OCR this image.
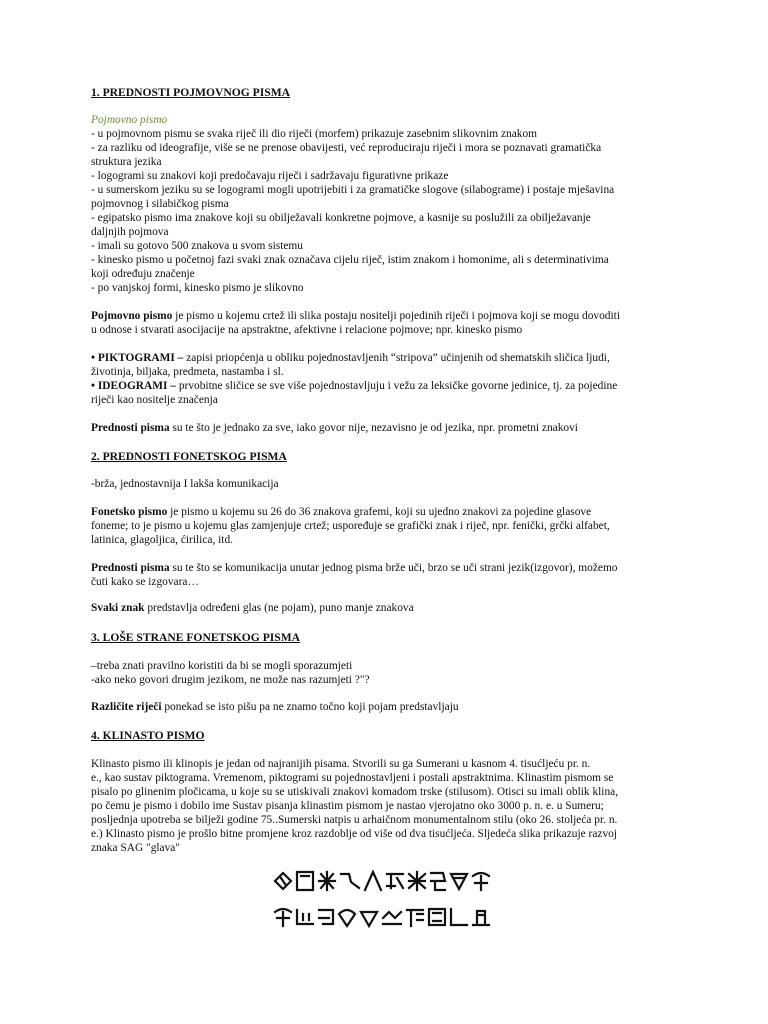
1. PREDNOSTI POJMOVNOG PISMA
Pojmovno pismo
- u pojmovnom pismu se svaka riječ ili dio riječi (morfem) prikazuje zasebnim slikovnim znakom
- za razliku od ideografije, više se ne prenose obavijesti, već reproduciraju riječi i mora se poznavati gramatička
struktura jezika
- logogrami su znakovi koji predočavaju riječi i sadržavaju figurativne prikaze
- u sumerskom jeziku su se logogrami mogli upotrijebiti i za gramatičke slogove (silabograme) i postaje mješavina
pojmovnog i silabičkog pisma
- egipatsko pismo ima znakove koji su obilježavali konkretne pojmove, a kasnije su poslužili za obilježavanje
daljnjih pojmova
- imali su gotovo 500 znakova u svom sistemu
- kinesko pismo u početnoj fazi svaki znak označava cijelu riječ, istim znakom i homonime, ali s determinativima
koji određuju značenje
- po vanjskoj formi, kinesko pismo je slikovno
Pojmovno pismo je pismo u kojemu crtež ili slika postaju nositelji pojedinih riječi i pojmova koji se mogu dovoditi
u odnose i stvarati asocijacije na apstraktne, afektivne i relacione pojmove; npr. kinesko pismo
• PIKTOGRAMI – zapisi priopćenja u obliku pojednostavljenih “stripova” učinjenih od shematskih sličica ljudi,
životinja, biljaka, predmeta, nastamba i sl.
• IDEOGRAMI – prvobitne sličice se sve više pojednostavljuju i vežu za leksičke govorne jedinice, tj. za pojedine
riječi kao nositelje značenja
Prednosti pisma su te što je jednako za sve, iako govor nije, nezavisno je od jezika, npr. prometni znakovi
2. PREDNOSTI FONETSKOG PISMA
-brža, jednostavnija I lakša komunikacija
Fonetsko pismo je pismo u kojemu su 26 do 36 znakova grafemi, koji su ujedno znakovi za pojedine glasove
foneme; to je pismo u kojemu glas zamjenjuje crtež; uspoređuje se grafički znak i riječ, npr. fenički, grčki alfabet,
latinica, glagoljica, ćirilica, itd.
Prednosti pisma su te što se komunikacija unutar jednog pisma brže uči, brzo se uči strani jezik(izgovor), možemo
čuti kako se izgovara…
Svaki znak predstavlja određeni glas (ne pojam), puno manje znakova
3. LOŠE STRANE FONETSKOG PISMA
–treba znati pravilno koristiti da bi se mogli sporazumjeti
-ako neko govori drugim jezikom, ne može nas razumjeti ?"?
Različite riječi ponekad se isto pišu pa ne znamo točno koji pojam predstavljaju
4. KLINASTO PISMO
Klinasto pismo ili klinopis je jedan od najranijih pisama. Stvorili su ga Sumerani u kasnom 4. tisućljeću pr. n.
e., kao sustav piktograma. Vremenom, piktogrami su pojednostavljeni i postali apstraktnima. Klinastim pismom se
pisalo po glinenim pločicama, u koje su se utiskivali znakovi komadom trske (stilusom). Otisci su imali oblik klina,
po čemu je pismo i dobilo ime Sustav pisanja klinastim pismom je nastao vjerojatno oko 3000 p. n. e. u Sumeru;
posljednja upotreba se bilježi godine 75..Sumerski natpis u arhaičnom monumentalnom stilu (oko 26. stoljeća pr. n.
e.) Klinasto pismo je prošlo bitne promjene kroz razdoblje od više od dva tisućljeća. Sljedeća slika prikazuje razvoj
znaka SAG "glava"
